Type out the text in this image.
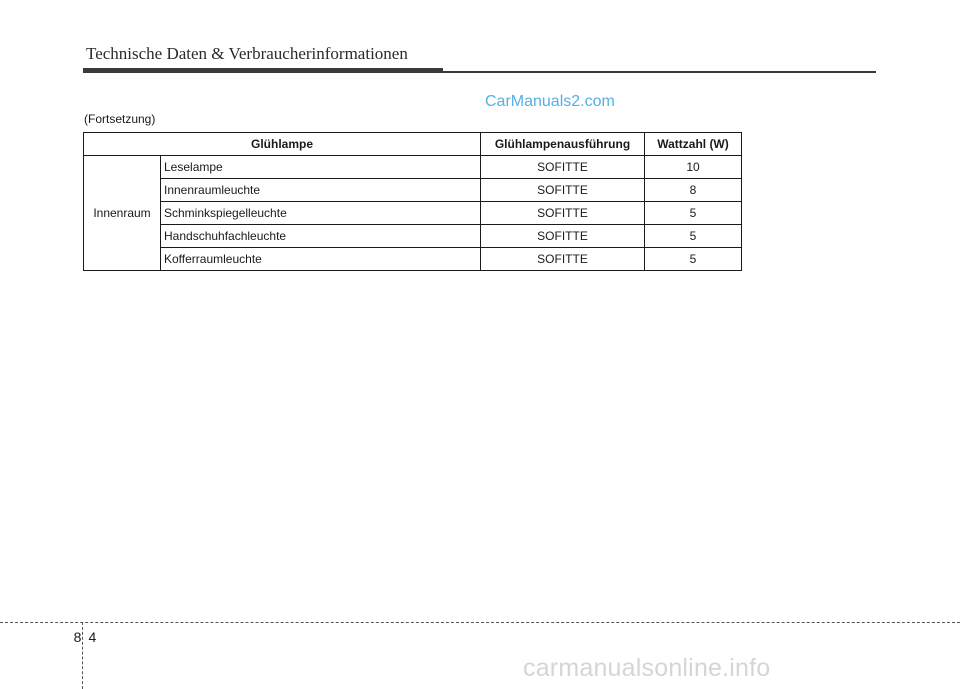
Technische Daten & Verbraucherinformationen
CarManuals2.com
(Fortsetzung)
Glühlampe		Glühlampenausführung	Wattzahl (W)
Innenraum	Leselampe	SOFITTE	10
	Innenraumleuchte	SOFITTE	8
	Schminkspiegelleuchte	SOFITTE	5
	Handschuhfachleuchte	SOFITTE	5
	Kofferraumleuchte	SOFITTE	5
8 4
carmanualsonline.info
